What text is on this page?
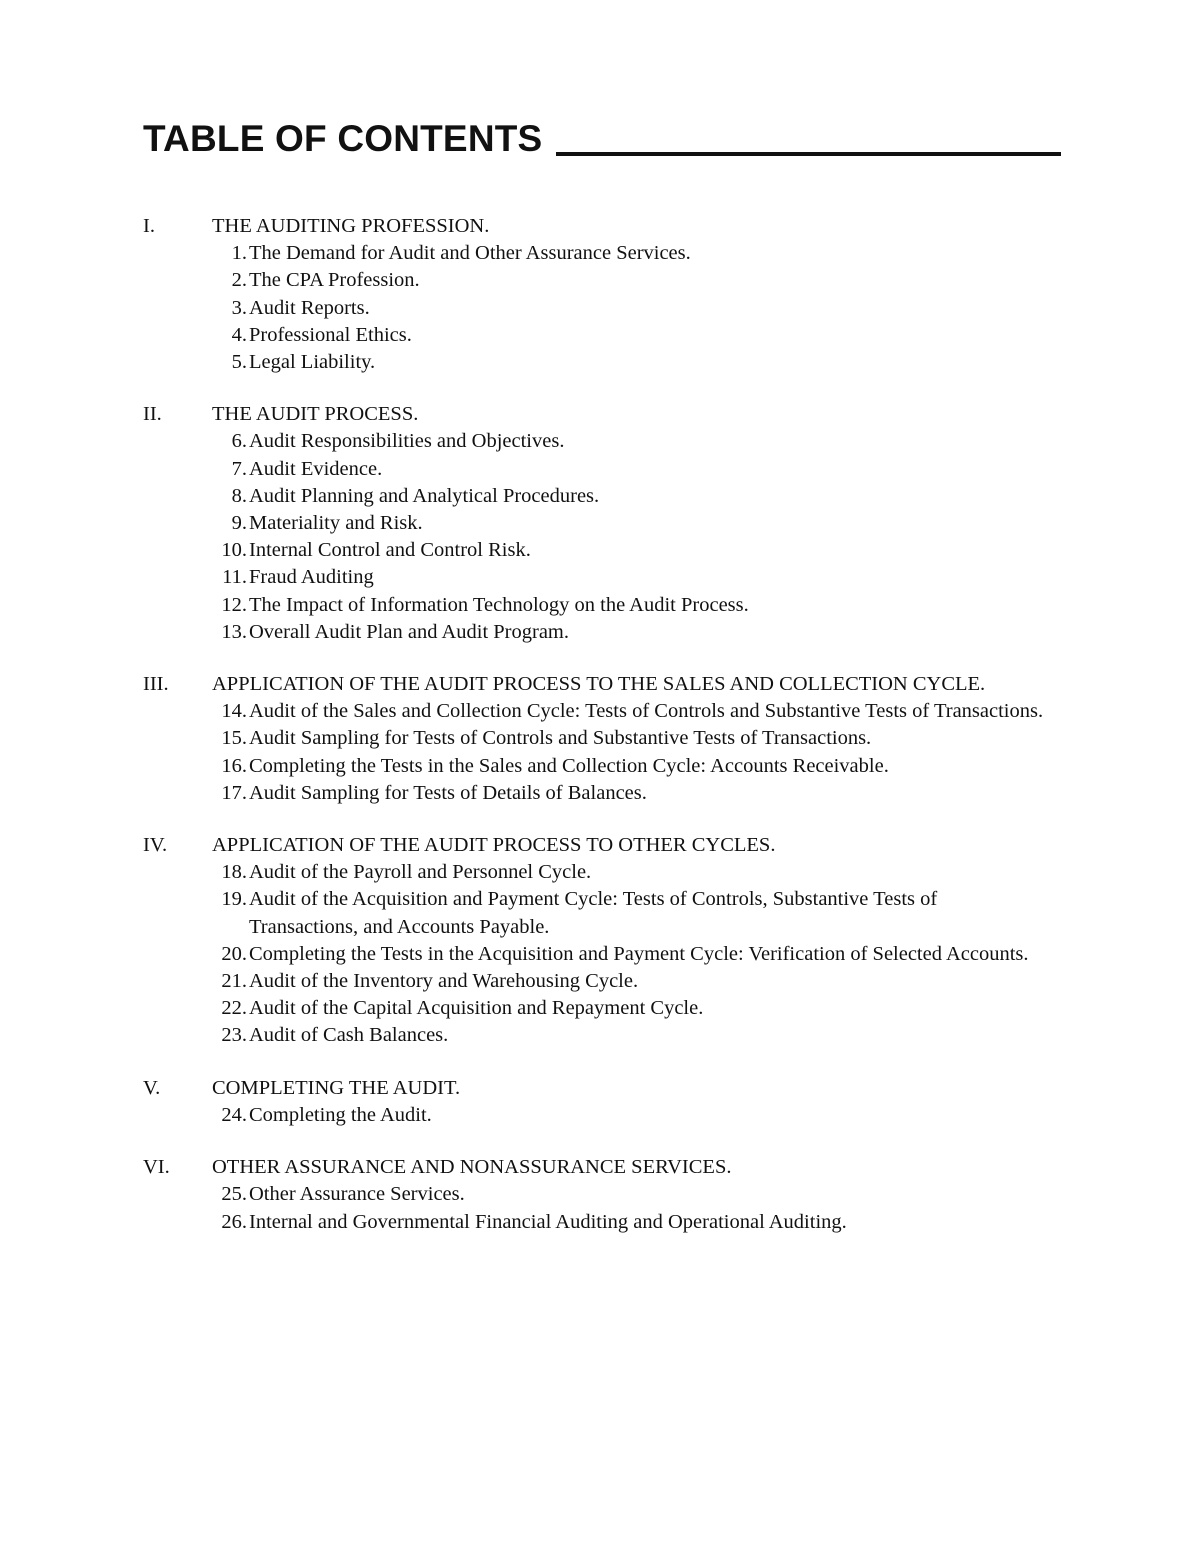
TABLE OF CONTENTS
I.	THE AUDITING PROFESSION.
1. The Demand for Audit and Other Assurance Services.
2. The CPA Profession.
3. Audit Reports.
4. Professional Ethics.
5. Legal Liability.
II.	THE AUDIT PROCESS.
6. Audit Responsibilities and Objectives.
7. Audit Evidence.
8. Audit Planning and Analytical Procedures.
9. Materiality and Risk.
10. Internal Control and Control Risk.
11. Fraud Auditing
12. The Impact of Information Technology on the Audit Process.
13. Overall Audit Plan and Audit Program.
III.	APPLICATION OF THE AUDIT PROCESS TO THE SALES AND COLLECTION CYCLE.
14. Audit of the Sales and Collection Cycle: Tests of Controls and Substantive Tests of Transactions.
15. Audit Sampling for Tests of Controls and Substantive Tests of Transactions.
16. Completing the Tests in the Sales and Collection Cycle: Accounts Receivable.
17. Audit Sampling for Tests of Details of Balances.
IV.	APPLICATION OF THE AUDIT PROCESS TO OTHER CYCLES.
18. Audit of the Payroll and Personnel Cycle.
19. Audit of the Acquisition and Payment Cycle: Tests of Controls, Substantive Tests of Transactions, and Accounts Payable.
20. Completing the Tests in the Acquisition and Payment Cycle: Verification of Selected Accounts.
21. Audit of the Inventory and Warehousing Cycle.
22. Audit of the Capital Acquisition and Repayment Cycle.
23. Audit of Cash Balances.
V.	COMPLETING THE AUDIT.
24. Completing the Audit.
VI.	OTHER ASSURANCE AND NONASSURANCE SERVICES.
25. Other Assurance Services.
26. Internal and Governmental Financial Auditing and Operational Auditing.
